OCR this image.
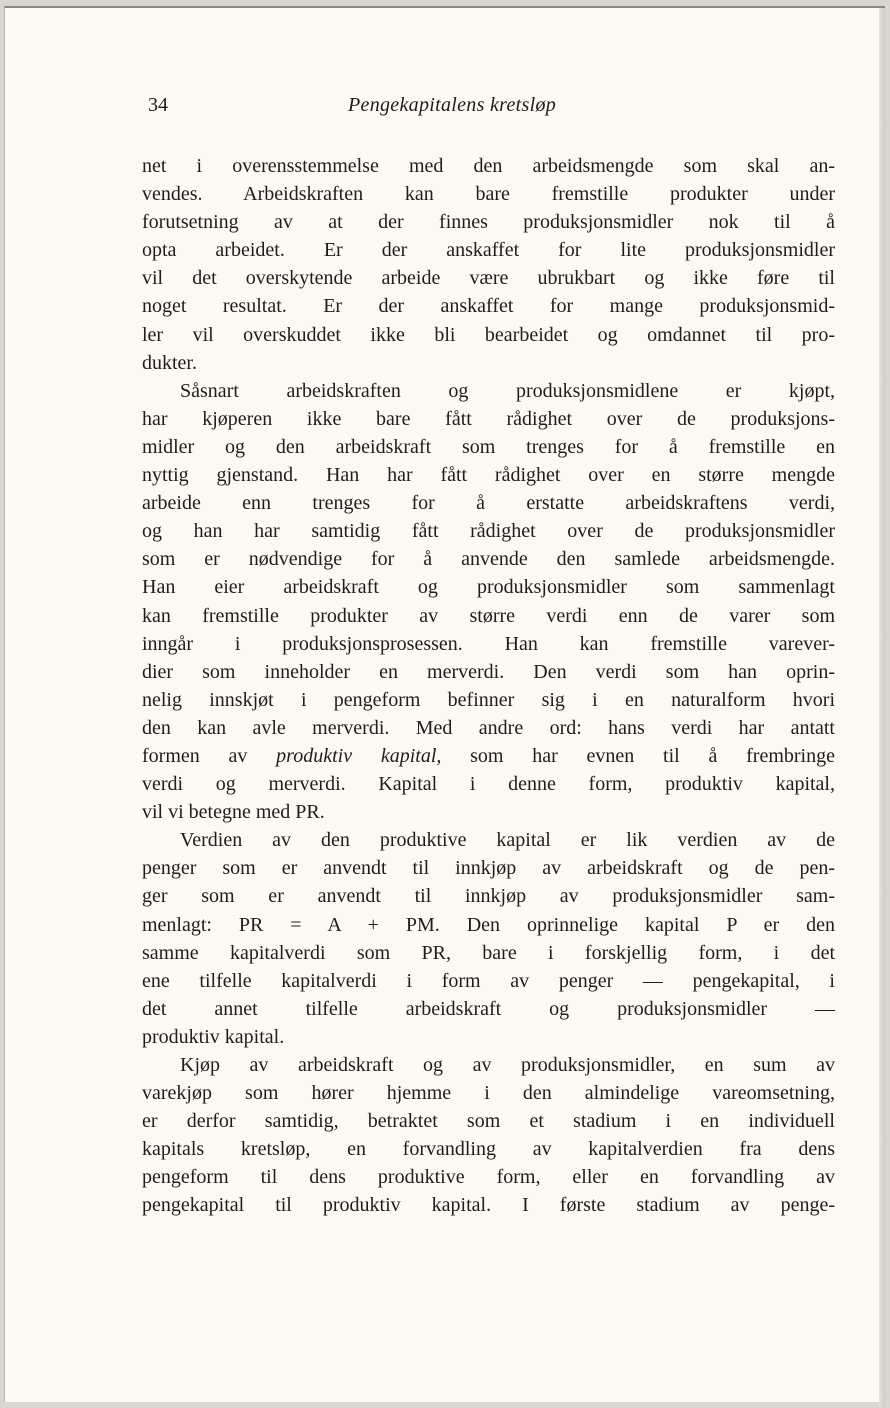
34	Pengekapitalens kretsløp
net i overensstemmelse med den arbeidsmengde som skal an-
vendes. Arbeidskraften kan bare fremstille produkter under
forutsetning av at der finnes produksjonsmidler nok til å
opta arbeidet. Er der anskaffet for lite produksjonsmidler
vil det overskytende arbeide være ubrukbart og ikke føre til
noget resultat. Er der anskaffet for mange produksjonsmid-
ler vil overskuddet ikke bli bearbeidet og omdannet til pro-
dukter.
Såsnart arbeidskraften og produksjonsmidlene er kjøpt,
har kjøperen ikke bare fått rådighet over de produksjons-
midler og den arbeidskraft som trenges for å fremstille en
nyttig gjenstand. Han har fått rådighet over en større mengde
arbeide enn trenges for å erstatte arbeidskraftens verdi,
og han har samtidig fått rådighet over de produksjonsmidler
som er nødvendige for å anvende den samlede arbeidsmengde.
Han eier arbeidskraft og produksjonsmidler som sammenlagt
kan fremstille produkter av større verdi enn de varer som
inngår i produksjonsprosessen. Han kan fremstille varever-
dier som inneholder en merverdi. Den verdi som han oprin-
nelig innskjøt i pengeform befinner sig i en naturalform hvori
den kan avle merverdi. Med andre ord: hans verdi har antatt
formen av produktiv kapital, som har evnen til å frembringe
verdi og merverdi. Kapital i denne form, produktiv kapital,
vil vi betegne med PR.
Verdien av den produktive kapital er lik verdien av de
penger som er anvendt til innkjøp av arbeidskraft og de pen-
ger som er anvendt til innkjøp av produksjonsmidler sam-
menlagt: PR = A + PM. Den oprinnelige kapital P er den
samme kapitalverdi som PR, bare i forskjellig form, i det
ene tilfelle kapitalverdi i form av penger — pengekapital, i
det annet tilfelle arbeidskraft og produksjonsmidler —
produktiv kapital.
Kjøp av arbeidskraft og av produksjonsmidler, en sum av
varekjøp som hører hjemme i den almindelige vareomsetning,
er derfor samtidig, betraktet som et stadium i en individuell
kapitals kretsløp, en forvandling av kapitalverdien fra dens
pengeform til dens produktive form, eller en forvandling av
pengekapital til produktiv kapital. I første stadium av penge-
